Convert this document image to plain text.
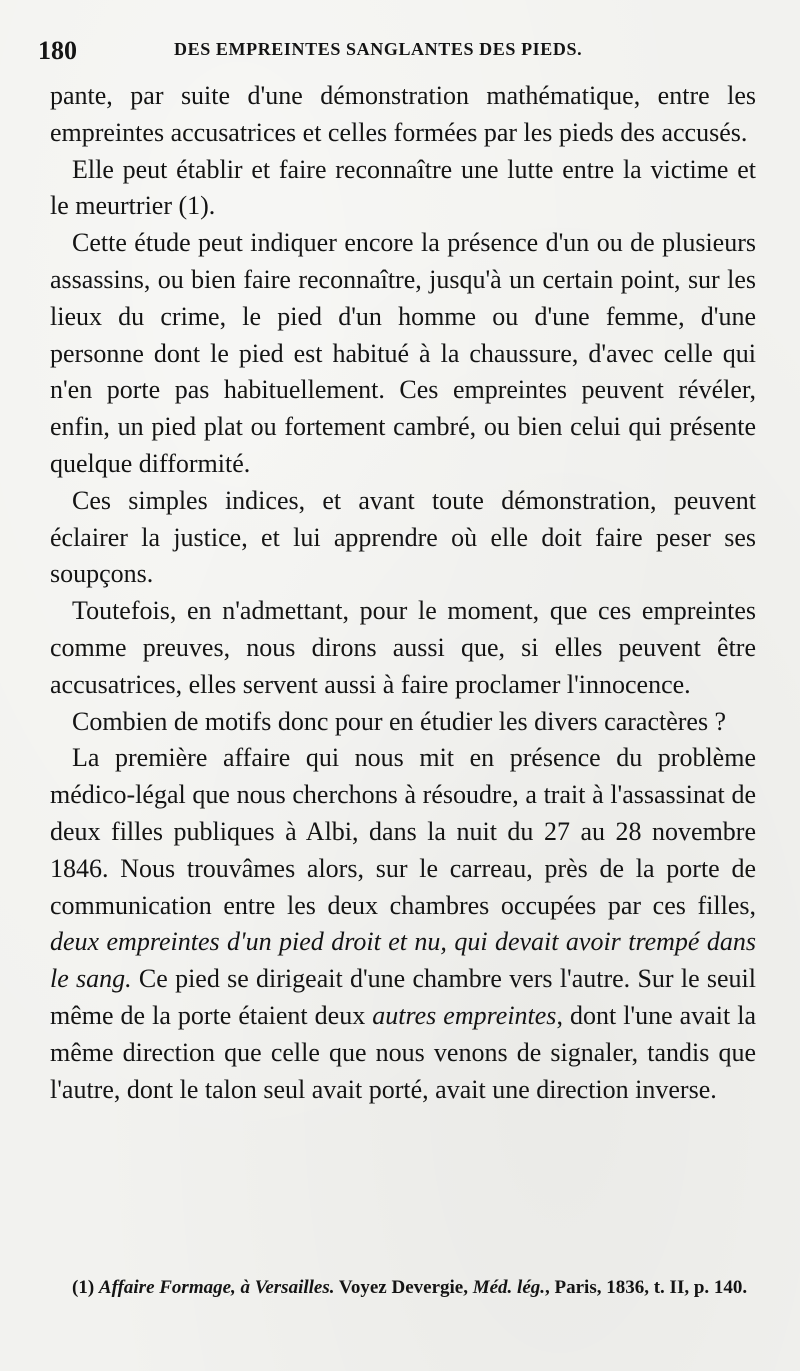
180	DES EMPREINTES SANGLANTES DES PIEDS.

pante, par suite d'une démonstration mathématique, entre les empreintes accusatrices et celles formées par les pieds des accusés.

Elle peut établir et faire reconnaître une lutte entre la victime et le meurtrier (1).

Cette étude peut indiquer encore la présence d'un ou de plusieurs assassins, ou bien faire reconnaître, jusqu'à un certain point, sur les lieux du crime, le pied d'un homme ou d'une femme, d'une personne dont le pied est habitué à la chaussure, d'avec celle qui n'en porte pas habituellement. Ces empreintes peuvent révéler, enfin, un pied plat ou fortement cambré, ou bien celui qui présente quelque difformité.

Ces simples indices, et avant toute démonstration, peuvent éclairer la justice, et lui apprendre où elle doit faire peser ses soupçons.

Toutefois, en n'admettant, pour le moment, que ces empreintes comme preuves, nous dirons aussi que, si elles peuvent être accusatrices, elles servent aussi à faire proclamer l'innocence.

Combien de motifs donc pour en étudier les divers caractères ?

La première affaire qui nous mit en présence du problème médico-légal que nous cherchons à résoudre, a trait à l'assassinat de deux filles publiques à Albi, dans la nuit du 27 au 28 novembre 1846. Nous trouvâmes alors, sur le carreau, près de la porte de communication entre les deux chambres occupées par ces filles, deux empreintes d'un pied droit et nu, qui devait avoir trempé dans le sang. Ce pied se dirigeait d'une chambre vers l'autre. Sur le seuil même de la porte étaient deux autres empreintes, dont l'une avait la même direction que celle que nous venons de signaler, tandis que l'autre, dont le talon seul avait porté, avait une direction inverse.

(1) Affaire Formage, à Versailles. Voyez Devergie, Méd. lég., Paris, 1836, t. II, p. 140.
